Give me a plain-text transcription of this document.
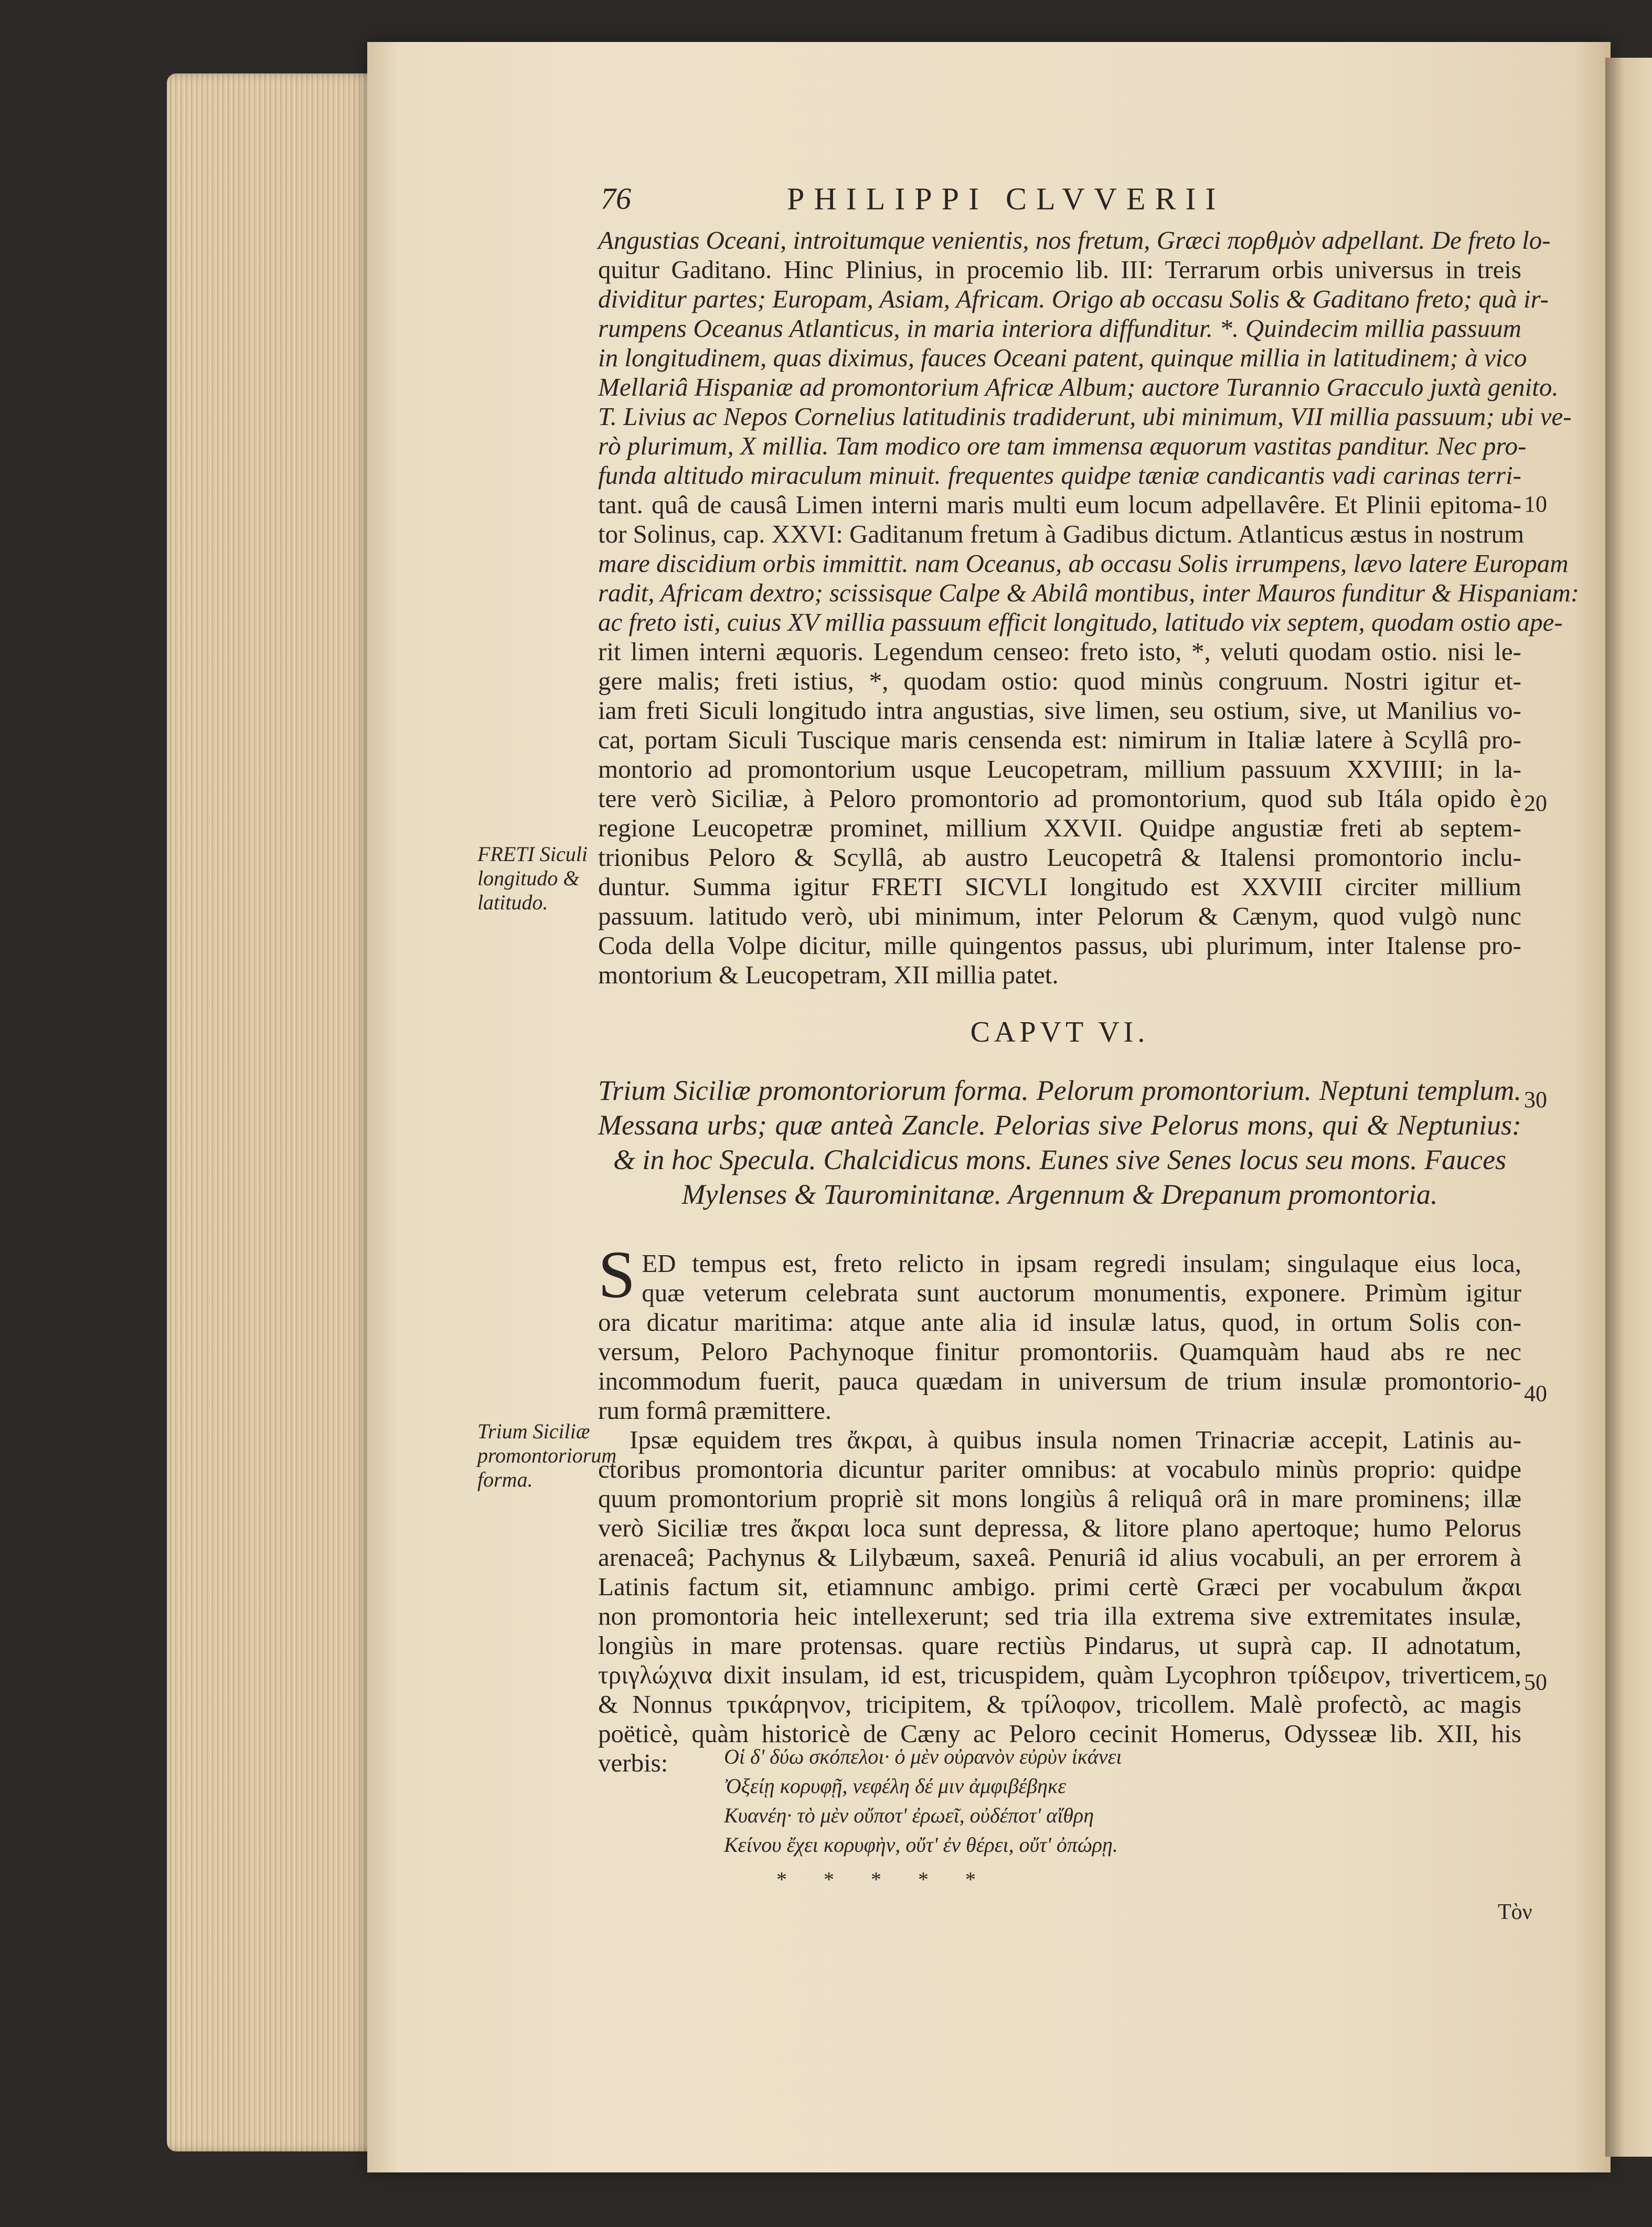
76	PHILIPPI CLVVERII
Angustias Oceani, introitumque venientis, nos fretum, Græci πορθμὸν adpellant. De freto lo-
quitur Gaditano. Hinc Plinius, in procemio lib. III: Terrarum orbis universus in treis
dividitur partes; Europam, Asiam, Africam. Origo ab occasu Solis & Gaditano freto; quà ir-
rumpens Oceanus Atlanticus, in maria interiora diffunditur. *. Quindecim millia passuum
in longitudinem, quas diximus, fauces Oceani patent, quinque millia in latitudinem; à vico
Mellariâ Hispaniæ ad promontorium Africæ Album; auctore Turannio Gracculo juxtà genito.
T. Livius ac Nepos Cornelius latitudinis tradiderunt, ubi minimum, VII millia passuum; ubi ve-
rò plurimum, X millia. Tam modico ore tam immensa æquorum vastitas panditur. Nec pro-
funda altitudo miraculum minuit. frequentes quidpe tæniæ candicantis vadi carinas terri-
tant. quâ de causâ Limen interni maris multi eum locum adpellavêre. Et Plinii epitoma-
tor Solinus, cap. XXVI: Gaditanum fretum à Gadibus dictum. Atlanticus æstus in nostrum
mare discidium orbis immittit. nam Oceanus, ab occasu Solis irrumpens, lævo latere Europam
radit, Africam dextro; scissisque Calpe & Abilâ montibus, inter Mauros funditur & Hispaniam:
ac freto isti, cuius XV millia passuum efficit longitudo, latitudo vix septem, quodam ostio ape-
rit limen interni æquoris. Legendum censeo: freto isto, *, veluti quodam ostio. nisi le-
gere malis; freti istius, *, quodam ostio: quod minùs congruum. Nostri igitur et-
iam freti Siculi longitudo intra angustias, sive limen, seu ostium, sive, ut Manilius vo-
cat, portam Siculi Tuscique maris censenda est: nimirum in Italiæ latere à Scyllâ pro-
montorio ad promontorium usque Leucopetram, millium passuum XXVIIII; in la-
tere verò Siciliæ, à Peloro promontorio ad promontorium, quod sub Itála opido è
regione Leucopetræ prominet, millium XXVII. Quidpe angustiæ freti ab septem-
trionibus Peloro & Scyllâ, ab austro Leucopetrâ & Italensi promontorio inclu-
duntur. Summa igitur FRETI SICVLI longitudo est XXVIII circiter millium
passuum. latitudo verò, ubi minimum, inter Pelorum & Cænym, quod vulgò nunc
Coda della Volpe dicitur, mille quingentos passus, ubi plurimum, inter Italense pro-
montorium & Leucopetram, XII millia patet.
FRETI Siculi longitudo & latitudo.
Trium Siciliæ promontoriorum forma.
10
20
30
40
50
CAPVT VI.
Trium Siciliæ promontoriorum forma. Pelorum promontorium. Neptuni templum.
Messana urbs; quæ anteà Zancle. Pelorias sive Pelorus mons, qui & Neptunius:
& in hoc Specula. Chalcidicus mons. Eunes sive Senes locus seu mons. Fauces
Mylenses & Taurominitanæ. Argennum & Drepanum promontoria.
S ED tempus est, freto relicto in ipsam regredi insulam; singulaque eius loca,
quæ veterum celebrata sunt auctorum monumentis, exponere. Primùm igitur
ora dicatur maritima: atque ante alia id insulæ latus, quod, in ortum Solis con-
versum, Peloro Pachynoque finitur promontoriis. Quamquàm haud abs re nec
incommodum fuerit, pauca quædam in universum de trium insulæ promontorio-
rum formâ præmittere.
Ipsæ equidem tres ἄκραι, à quibus insula nomen Trinacriæ accepit, Latinis au-
ctoribus promontoria dicuntur pariter omnibus: at vocabulo minùs proprio: quidpe
quum promontorium propriè sit mons longiùs â reliquâ orâ in mare prominens; illæ
verò Siciliæ tres ἄκραι loca sunt depressa, & litore plano apertoque; humo Pelorus
arenaceâ; Pachynus & Lilybæum, saxeâ. Penuriâ id alius vocabuli, an per errorem à
Latinis factum sit, etiamnunc ambigo. primi certè Græci per vocabulum ἄκραι
non promontoria heic intellexerunt; sed tria illa extrema sive extremitates insulæ,
longiùs in mare protensas. quare rectiùs Pindarus, ut suprà cap. II adnotatum,
τριγλώχινα dixit insulam, id est, tricuspidem, quàm Lycophron τρίδειρον, triverticem,
& Nonnus τρικάρηνον, tricipitem, & τρίλοφον, tricollem. Malè profectò, ac magis
poëticè, quàm historicè de Cæny ac Peloro cecinit Homerus, Odysseæ lib. XII, his
verbis:	Οἱ δ' δύω σκόπελοι· ὁ μὲν οὐρανὸν εὐρὺν ἱκάνει
Ὀξείῃ κορυφῇ, νεφέλη δέ μιν ἀμφιβέβηκε
Κυανέη· τὸ μὲν οὔποτ' ἐρωεῖ, οὐδέποτ' αἴθρη
Κείνου ἔχει κορυφὴν, οὔτ' ἐν θέρει, οὔτ' ὀπώρῃ.
* * * * *
Τὸν
